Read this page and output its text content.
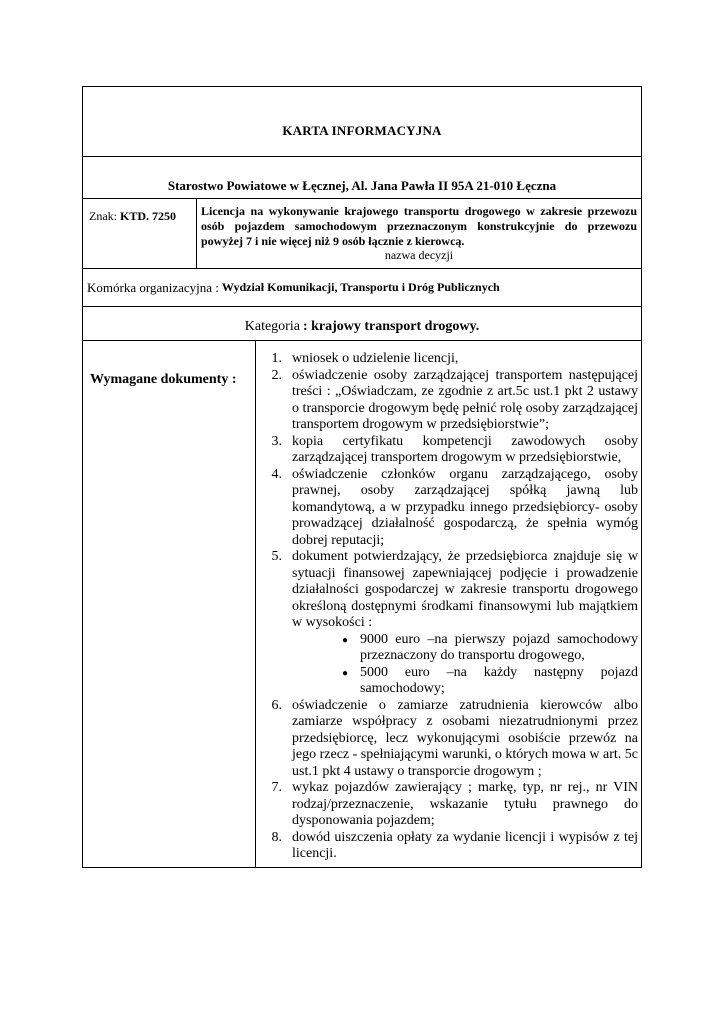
KARTA INFORMACYJNA
Starostwo Powiatowe w Łęcznej, Al. Jana Pawła II 95A 21-010 Łęczna
Znak: KTD. 7250	Licencja na wykonywanie krajowego transportu drogowego w zakresie przewozu osób pojazdem samochodowym przeznaczonym konstrukcyjnie do przewozu powyżej 7 i nie więcej niż 9 osób łącznie z kierowcą.
nazwa decyzji
Komórka organizacyjna : Wydział Komunikacji, Transportu i Dróg Publicznych
Kategoria : krajowy transport drogowy.
Wymagane dokumenty :
1. wniosek o udzielenie licencji,
2. oświadczenie osoby zarządzającej transportem następującej treści : „Oświadczam, ze zgodnie z art.5c ust.1 pkt 2 ustawy o transporcie drogowym będę pełnić rolę osoby zarządzającej transportem drogowym w przedsiębiorstwie”;
3. kopia certyfikatu kompetencji zawodowych osoby zarządzającej transportem drogowym w przedsiębiorstwie,
4. oświadczenie członków organu zarządzającego, osoby prawnej, osoby zarządzającej spółką jawną lub komandytową, a w przypadku innego przedsiębiorcy- osoby prowadzącej działalność gospodarczą, że spełnia wymóg dobrej reputacji;
5. dokument potwierdzający, że przedsiębiorca znajduje się w sytuacji finansowej zapewniającej podjęcie i prowadzenie działalności gospodarczej w zakresie transportu drogowego określoną dostępnymi środkami finansowymi lub majątkiem w wysokości :
● 9000 euro –na pierwszy pojazd samochodowy przeznaczony do transportu drogowego,
● 5000 euro –na każdy następny pojazd samochodowy;
6. oświadczenie o zamiarze zatrudnienia kierowców albo zamiarze współpracy z osobami niezatrudnionymi przez przedsiębiorcę, lecz wykonującymi osobiście przewóz na jego rzecz - spełniającymi warunki, o których mowa w art. 5c ust.1 pkt 4 ustawy o transporcie drogowym ;
7. wykaz pojazdów zawierający ; markę, typ, nr rej., nr VIN rodzaj/przeznaczenie, wskazanie tytułu prawnego do dysponowania pojazdem;
8. dowód uiszczenia opłaty za wydanie licencji i wypisów z tej licencji.
